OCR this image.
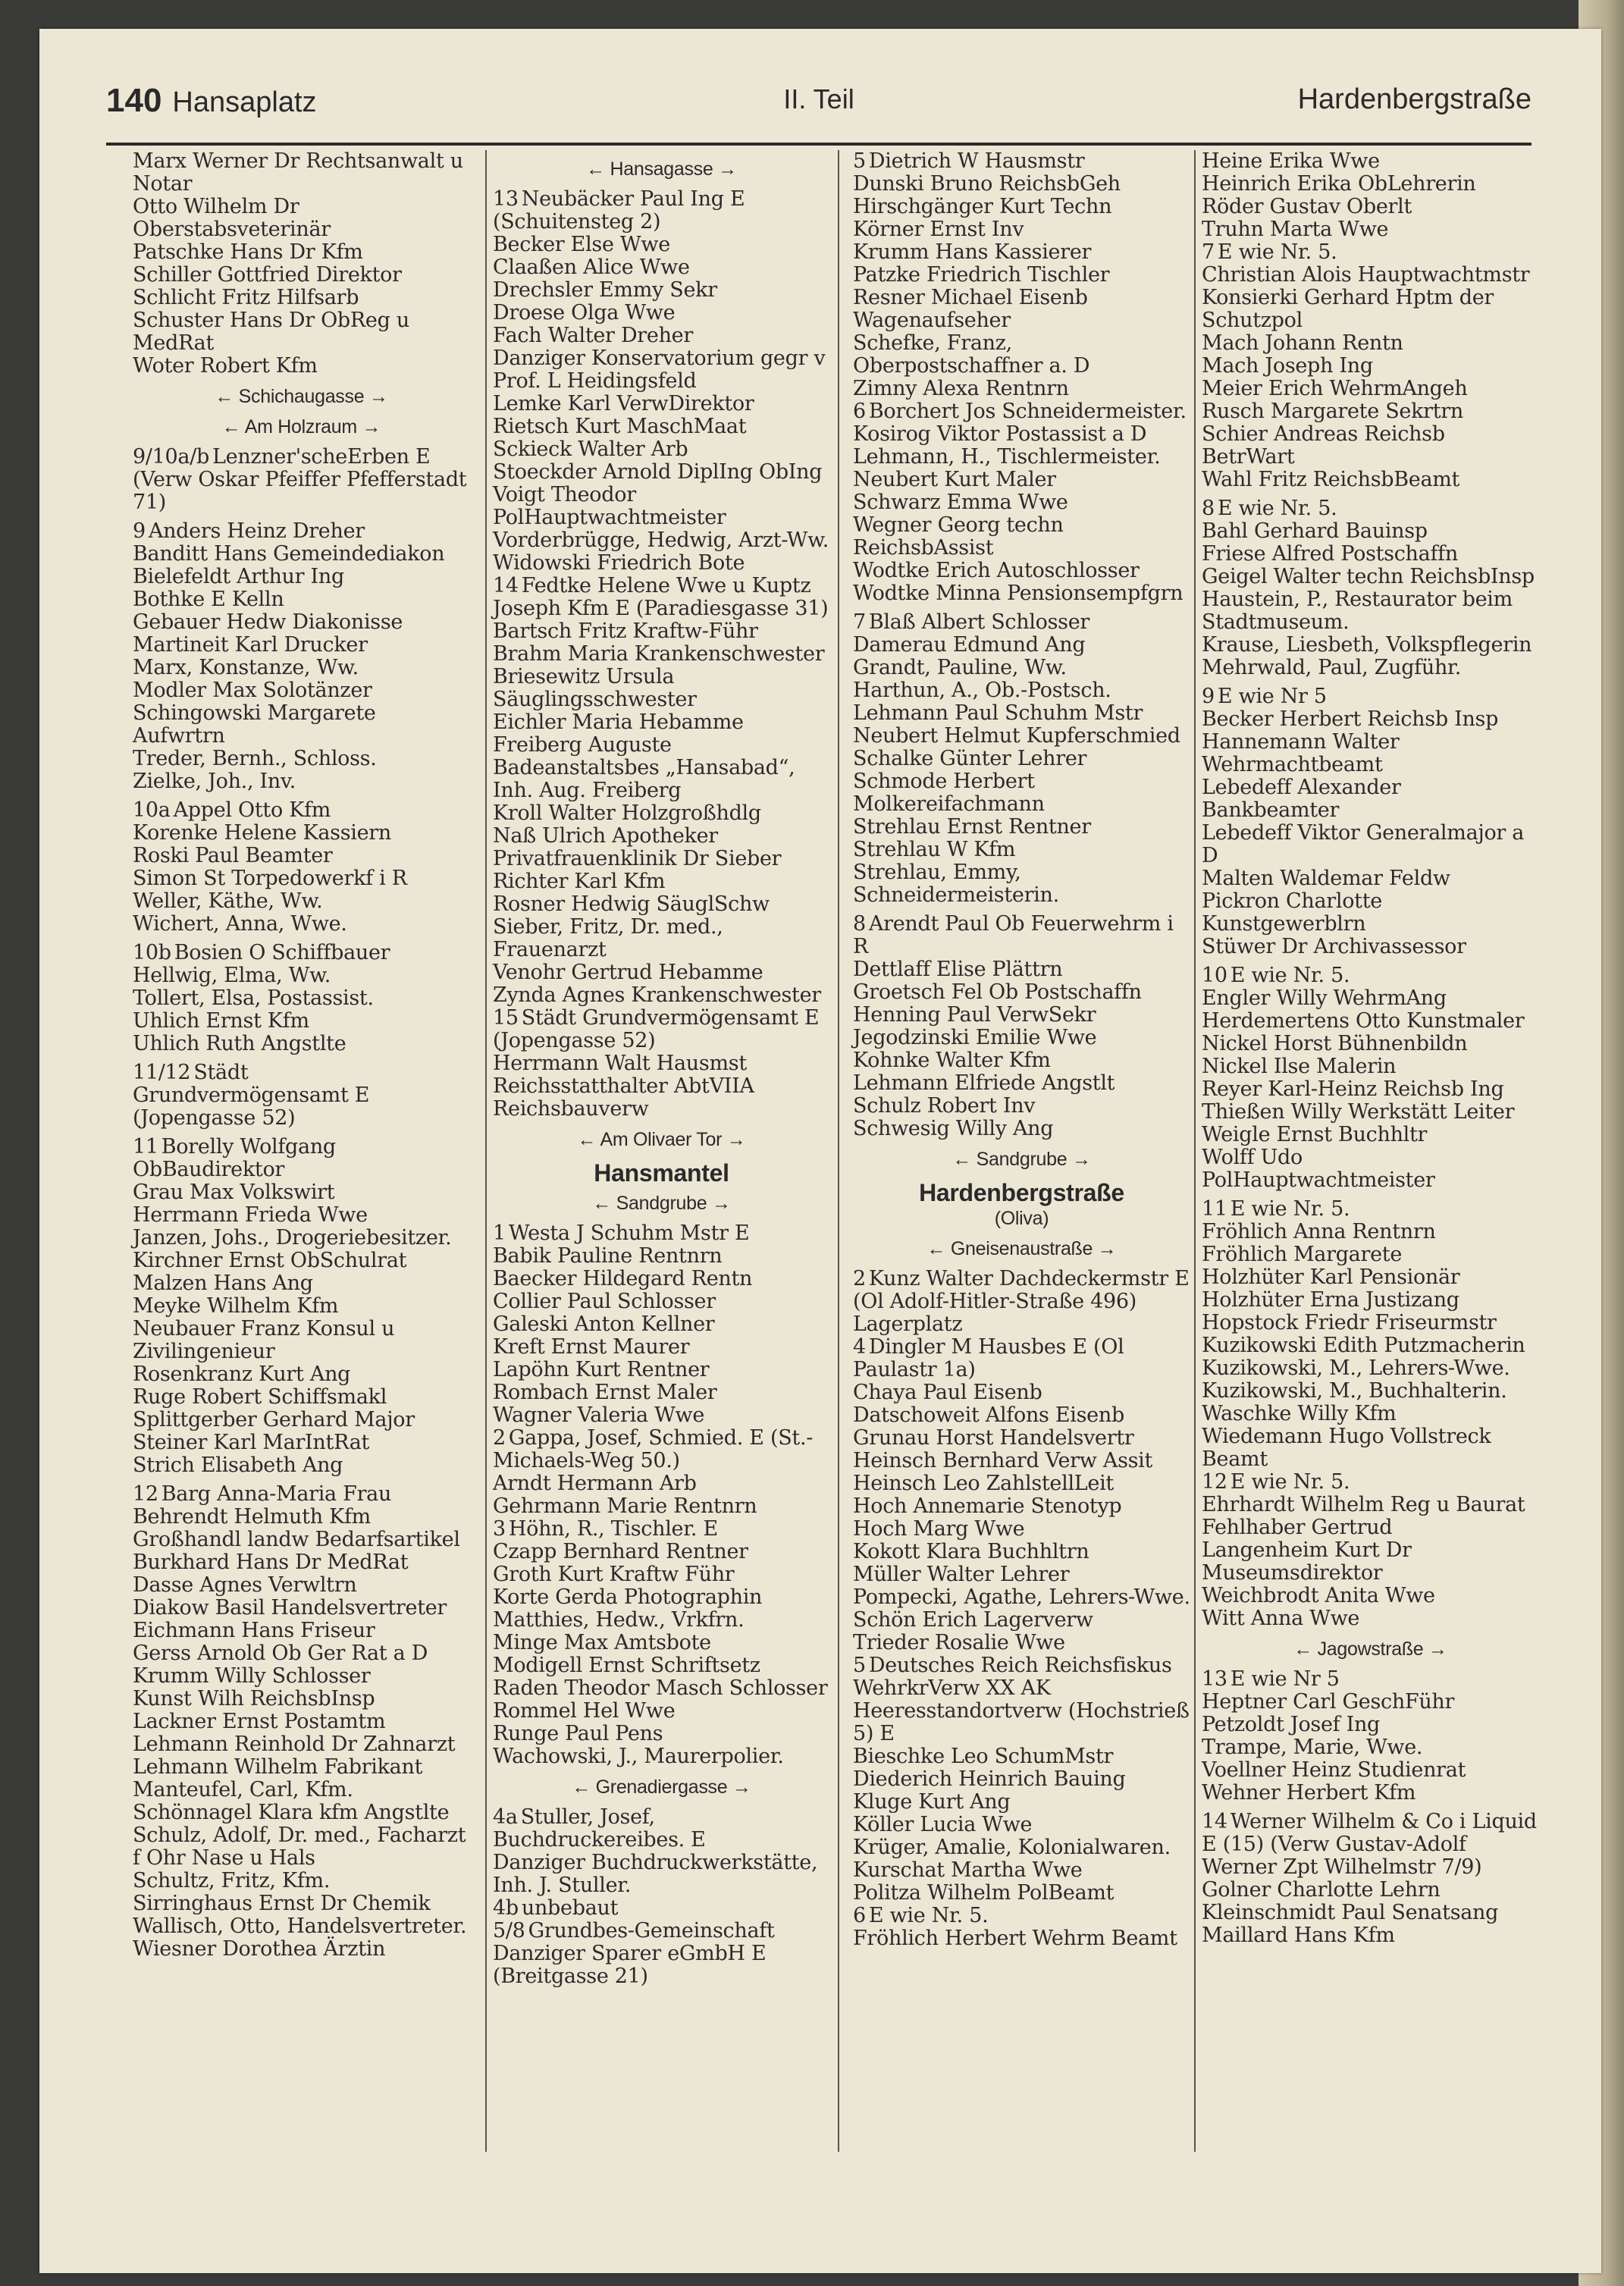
140 Hansaplatz	II. Teil	Hardenbergstraße
Marx Werner Dr Rechtsanwalt u Notar
Otto Wilhelm Dr Oberstabsveterinär
Patschke Hans Dr Kfm
Schiller Gottfried Direktor
Schlicht Fritz Hilfsarb
Schuster Hans Dr ObReg u MedRat
Woter Robert Kfm
← Schichaugasse →
← Am Holzraum →
9/10a/b Lenzner'scheErben E (Verw Oskar Pfeiffer Pfefferstadt 71)
9 Anders Heinz Dreher
Banditt Hans Gemeindediakon
Bielefeldt Arthur Ing
Bothke E Kelln
Gebauer Hedw Diakonisse
Martineit Karl Drucker
Marx, Konstanze, Ww.
Modler Max Solotänzer
Schingowski Margarete Aufwrtrn
Treder, Bernh., Schloss.
Zielke, Joh., Inv.
10a Appel Otto Kfm
Korenke Helene Kassiern
Roski Paul Beamter
Simon St Torpedowerkf i R
Weller, Käthe, Ww.
Wichert, Anna, Wwe.
10b Bosien O Schiffbauer
Hellwig, Elma, Ww.
Tollert, Elsa, Postassist.
Uhlich Ernst Kfm
Uhlich Ruth Angstlte
11/12 Städt Grundvermögensamt E (Jopengasse 52)
11 Borelly Wolfgang ObBaudirektor
Grau Max Volkswirt
Herrmann Frieda Wwe
Janzen, Johs., Drogeriebesitzer.
Kirchner Ernst ObSchulrat
Malzen Hans Ang
Meyke Wilhelm Kfm
Neubauer Franz Konsul u Zivilingenieur
Rosenkranz Kurt Ang
Ruge Robert Schiffsmakl
Splittgerber Gerhard Major
Steiner Karl MarIntRat
Strich Elisabeth Ang
12 Barg Anna-Maria Frau
Behrendt Helmuth Kfm Großhandl landw Bedarfsartikel
Burkhard Hans Dr MedRat
Dasse Agnes Verwltrn
Diakow Basil Handelsvertreter
Eichmann Hans Friseur
Gerss Arnold Ob Ger Rat a D
Krumm Willy Schlosser
Kunst Wilh ReichsbInsp
Lackner Ernst Postamtm
Lehmann Reinhold Dr Zahnarzt
Lehmann Wilhelm Fabrikant
Manteufel, Carl, Kfm.
Schönnagel Klara kfm Angstlte
Schulz, Adolf, Dr. med., Facharzt f Ohr Nase u Hals
Schultz, Fritz, Kfm.
Sirringhaus Ernst Dr Chemik
Wallisch, Otto, Handelsvertreter.
Wiesner Dorothea Ärztin
← Hansagasse →
13 Neubäcker Paul Ing E (Schuitensteg 2)
Becker Else Wwe
Claaßen Alice Wwe
Drechsler Emmy Sekr
Droese Olga Wwe
Fach Walter Dreher
Danziger Konservatorium gegr v Prof. L Heidingsfeld
Lemke Karl VerwDirektor
Rietsch Kurt MaschMaat
Sckieck Walter Arb
Stoeckder Arnold DiplIng ObIng
Voigt Theodor PolHauptwachtmeister
Vorderbrügge, Hedwig, Arzt-Ww.
Widowski Friedrich Bote
14 Fedtke Helene Wwe u Kuptz Joseph Kfm E (Paradiesgasse 31)
Bartsch Fritz Kraftw-Führ
Brahm Maria Krankenschwester
Briesewitz Ursula Säuglingsschwester
Eichler Maria Hebamme
Freiberg Auguste Badeanstaltsbes „Hansabad“, Inh. Aug. Freiberg
Kroll Walter Holzgroßhdlg
Naß Ulrich Apotheker
Privatfrauenklinik Dr Sieber
Richter Karl Kfm
Rosner Hedwig SäuglSchw
Sieber, Fritz, Dr. med., Frauenarzt
Venohr Gertrud Hebamme
Zynda Agnes Krankenschwester
15 Städt Grundvermögensamt E (Jopengasse 52)
Herrmann Walt Hausmst
Reichsstatthalter AbtVIIA Reichsbauverw
← Am Olivaer Tor →
Hansmantel
← Sandgrube →
1 Westa J Schuhm Mstr E
Babik Pauline Rentnrn
Baecker Hildegard Rentn
Collier Paul Schlosser
Galeski Anton Kellner
Kreft Ernst Maurer
Lapöhn Kurt Rentner
Rombach Ernst Maler
Wagner Valeria Wwe
2 Gappa, Josef, Schmied. E (St.-Michaels-Weg 50.)
Arndt Hermann Arb
Gehrmann Marie Rentnrn
3 Höhn, R., Tischler. E
Czapp Bernhard Rentner
Groth Kurt Kraftw Führ
Korte Gerda Photographin
Matthies, Hedw., Vrkfrn.
Minge Max Amtsbote
Modigell Ernst Schriftsetz
Raden Theodor Masch Schlosser
Rommel Hel Wwe
Runge Paul Pens
Wachowski, J., Maurerpolier.
← Grenadiergasse →
4a Stuller, Josef, Buchdruckereibes. E
Danziger Buchdruckwerkstätte, Inh. J. Stuller.
4b unbebaut
5/8 Grundbes-Gemeinschaft Danziger Sparer eGmbH E (Breitgasse 21)
5 Dietrich W Hausmstr
Dunski Bruno ReichsbGeh
Hirschgänger Kurt Techn
Körner Ernst Inv
Krumm Hans Kassierer
Patzke Friedrich Tischler
Resner Michael Eisenb Wagenaufseher
Schefke, Franz, Oberpostschaffner a. D
Zimny Alexa Rentnrn
6 Borchert Jos Schneidermeister.
Kosirog Viktor Postassist a D
Lehmann, H., Tischlermeister.
Neubert Kurt Maler
Schwarz Emma Wwe
Wegner Georg techn ReichsbAssist
Wodtke Erich Autoschlosser
Wodtke Minna Pensionsempfgrn
7 Blaß Albert Schlosser
Damerau Edmund Ang
Grandt, Pauline, Ww.
Harthun, A., Ob.-Postsch.
Lehmann Paul Schuhm Mstr
Neubert Helmut Kupferschmied
Schalke Günter Lehrer
Schmode Herbert Molkereifachmann
Strehlau Ernst Rentner
Strehlau W Kfm
Strehlau, Emmy, Schneidermeisterin.
8 Arendt Paul Ob Feuerwehrm i R
Dettlaff Elise Plättrn
Groetsch Fel Ob Postschaffn
Henning Paul VerwSekr
Jegodzinski Emilie Wwe
Kohnke Walter Kfm
Lehmann Elfriede Angstlt
Schulz Robert Inv
Schwesig Willy Ang
← Sandgrube →
Hardenbergstraße
(Oliva)
← Gneisenaustraße →
2 Kunz Walter Dachdeckermstr E (Ol Adolf-Hitler-Straße 496)
Lagerplatz
4 Dingler M Hausbes E (Ol Paulastr 1a)
Chaya Paul Eisenb
Datschoweit Alfons Eisenb
Grunau Horst Handelsvertr
Heinsch Bernhard Verw Assit
Heinsch Leo ZahlstellLeit
Hoch Annemarie Stenotyp
Hoch Marg Wwe
Kokott Klara Buchhltrn
Müller Walter Lehrer
Pompecki, Agathe, Lehrers-Wwe.
Schön Erich Lagerverw
Trieder Rosalie Wwe
5 Deutsches Reich Reichsfiskus WehrkrVerw XX AK Heeresstandortverw (Hochstrieß 5) E
Bieschke Leo SchumMstr
Diederich Heinrich Bauing
Kluge Kurt Ang
Köller Lucia Wwe
Krüger, Amalie, Kolonialwaren.
Kurschat Martha Wwe
Politza Wilhelm PolBeamt
6 E wie Nr. 5.
Fröhlich Herbert Wehrm Beamt
Heine Erika Wwe
Heinrich Erika ObLehrerin
Röder Gustav Oberlt
Truhn Marta Wwe
7 E wie Nr. 5.
Christian Alois Hauptwachtmstr
Konsierki Gerhard Hptm der Schutzpol
Mach Johann Rentn
Mach Joseph Ing
Meier Erich WehrmAngeh
Rusch Margarete Sekrtrn
Schier Andreas Reichsb BetrWart
Wahl Fritz ReichsbBeamt
8 E wie Nr. 5.
Bahl Gerhard Bauinsp
Friese Alfred Postschaffn
Geigel Walter techn ReichsbInsp
Haustein, P., Restaurator beim Stadtmuseum.
Krause, Liesbeth, Volkspflegerin
Mehrwald, Paul, Zugführ.
9 E wie Nr 5
Becker Herbert Reichsb Insp
Hannemann Walter Wehrmachtbeamt
Lebedeff Alexander Bankbeamter
Lebedeff Viktor Generalmajor a D
Malten Waldemar Feldw
Pickron Charlotte Kunstgewerblrn
Stüwer Dr Archivassessor
10 E wie Nr. 5.
Engler Willy WehrmAng
Herdemertens Otto Kunstmaler
Nickel Horst Bühnenbildn
Nickel Ilse Malerin
Reyer Karl-Heinz Reichsb Ing
Thießen Willy Werkstätt Leiter
Weigle Ernst Buchhltr
Wolff Udo PolHauptwachtmeister
11 E wie Nr. 5.
Fröhlich Anna Rentnrn
Fröhlich Margarete
Holzhüter Karl Pensionär
Holzhüter Erna Justizang
Hopstock Friedr Friseurmstr
Kuzikowski Edith Putzmacherin
Kuzikowski, M., Lehrers-Wwe.
Kuzikowski, M., Buchhalterin.
Waschke Willy Kfm
Wiedemann Hugo Vollstreck Beamt
12 E wie Nr. 5.
Ehrhardt Wilhelm Reg u Baurat
Fehlhaber Gertrud
Langenheim Kurt Dr Museumsdirektor
Weichbrodt Anita Wwe
Witt Anna Wwe
← Jagowstraße →
13 E wie Nr 5
Heptner Carl GeschFühr
Petzoldt Josef Ing
Trampe, Marie, Wwe.
Voellner Heinz Studienrat
Wehner Herbert Kfm
14 Werner Wilhelm & Co i Liquid E (15) (Verw Gustav-Adolf Werner Zpt Wilhelmstr 7/9)
Golner Charlotte Lehrn
Kleinschmidt Paul Senatsang
Maillard Hans Kfm
